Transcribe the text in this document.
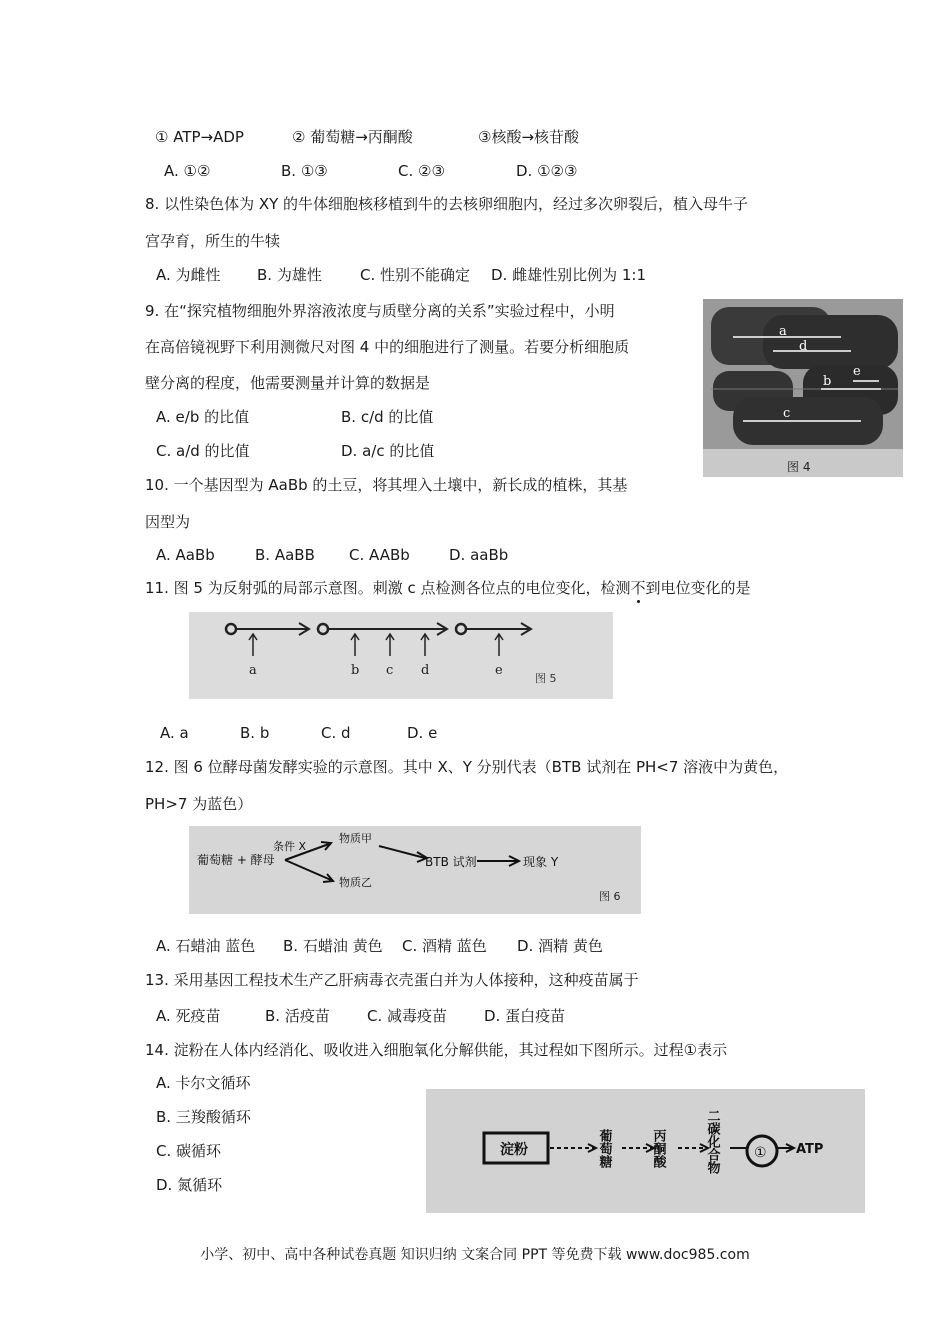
① ATP→ADP	② 葡萄糖→丙酮酸	③核酸→核苷酸
A. ①②	B. ①③	C. ②③	D. ①②③
8. 以性染色体为 XY 的牛体细胞核移植到牛的去核卵细胞内，经过多次卵裂后，植入母牛子
宫孕育，所生的牛犊
A. 为雌性 B. 为雄性	C. 性别不能确定 D. 雌雄性别比例为 1:1
9. 在“探究植物细胞外界溶液浓度与质壁分离的关系”实验过程中，小明
在高倍镜视野下利用测微尺对图 4 中的细胞进行了测量。若要分析细胞质
壁分离的程度，他需要测量并计算的数据是
A. e/b 的比值	B. c/d 的比值
C. a/d 的比值	D. a/c 的比值
a
d
b
e
c
图 4
10. 一个基因型为 AaBb 的土豆，将其埋入土壤中，新长成的植株，其基
因型为
A. AaBb	B. AaBB C. AABb	D. aaBb
11. 图 5 为反射弧的局部示意图。刺激 c 点检测各位点的电位变化，检测不到电位变化的是
a	b c d	e
图 5
A. a	B. b	C. d	D. e
12. 图 6 位酵母菌发酵实验的示意图。其中 X、Y 分别代表（BTB 试剂在 PH<7 溶液中为黄色，
PH>7 为蓝色）
葡萄糖 + 酵母
条件 X
物质甲
物质乙
BTB 试剂	现象 Y
图 6
A. 石蜡油 蓝色 B. 石蜡油 黄色 C. 酒精 蓝色 D. 酒精 黄色
13. 采用基因工程技术生产乙肝病毒衣壳蛋白并为人体接种，这种疫苗属于
A. 死疫苗	B. 活疫苗 C. 减毒疫苗 D. 蛋白疫苗
14. 淀粉在人体内经消化、吸收进入细胞氧化分解供能，其过程如下图所示。过程①表示
A. 卡尔文循环
B. 三羧酸循环
C. 碳循环
D. 氮循环
淀粉	葡萄糖	丙酮酸	二碳化合物 ① ATP
小学、初中、高中各种试卷真题 知识归纳 文案合同 PPT 等免费下载 www.doc985.com
